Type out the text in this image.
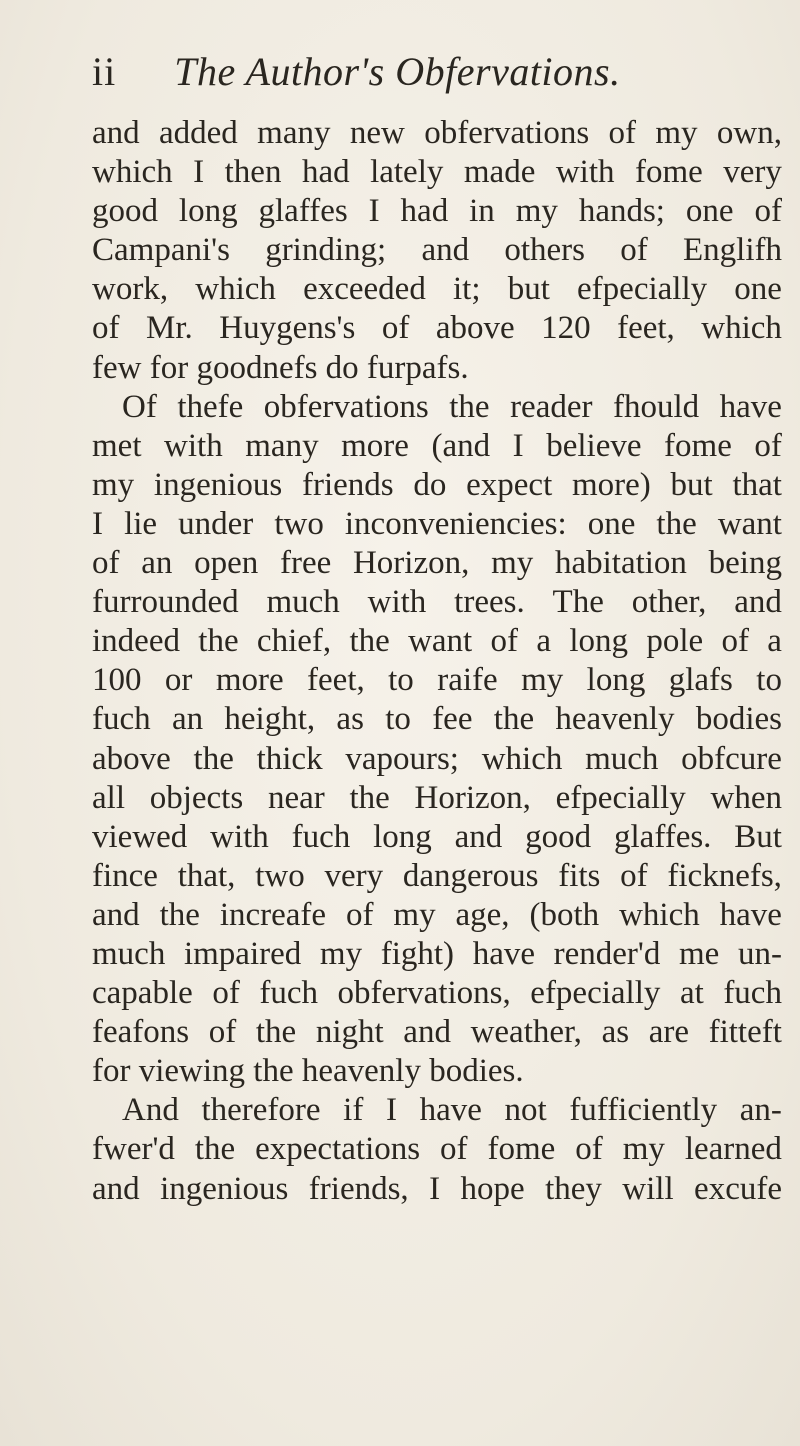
ii The Author's Obfervations.
and added many new obfervations of my own,
which I then had lately made with fome very
good long glaffes I had in my hands; one of
Campani's grinding; and others of Englifh
work, which exceeded it; but efpecially one
of Mr. Huygens's of above 120 feet, which
few for goodnefs do furpafs.
Of thefe obfervations the reader fhould have
met with many more (and I believe fome of
my ingenious friends do expect more) but that
I lie under two inconveniencies: one the want
of an open free Horizon, my habitation being
furrounded much with trees. The other, and
indeed the chief, the want of a long pole of a
100 or more feet, to raife my long glafs to
fuch an height, as to fee the heavenly bodies
above the thick vapours; which much obfcure
all objects near the Horizon, efpecially when
viewed with fuch long and good glaffes. But
fince that, two very dangerous fits of ficknefs,
and the increafe of my age, (both which have
much impaired my fight) have render'd me un-
capable of fuch obfervations, efpecially at fuch
feafons of the night and weather, as are fitteft
for viewing the heavenly bodies.
And therefore if I have not fufficiently an-
fwer'd the expectations of fome of my learned
and ingenious friends, I hope they will excufe
